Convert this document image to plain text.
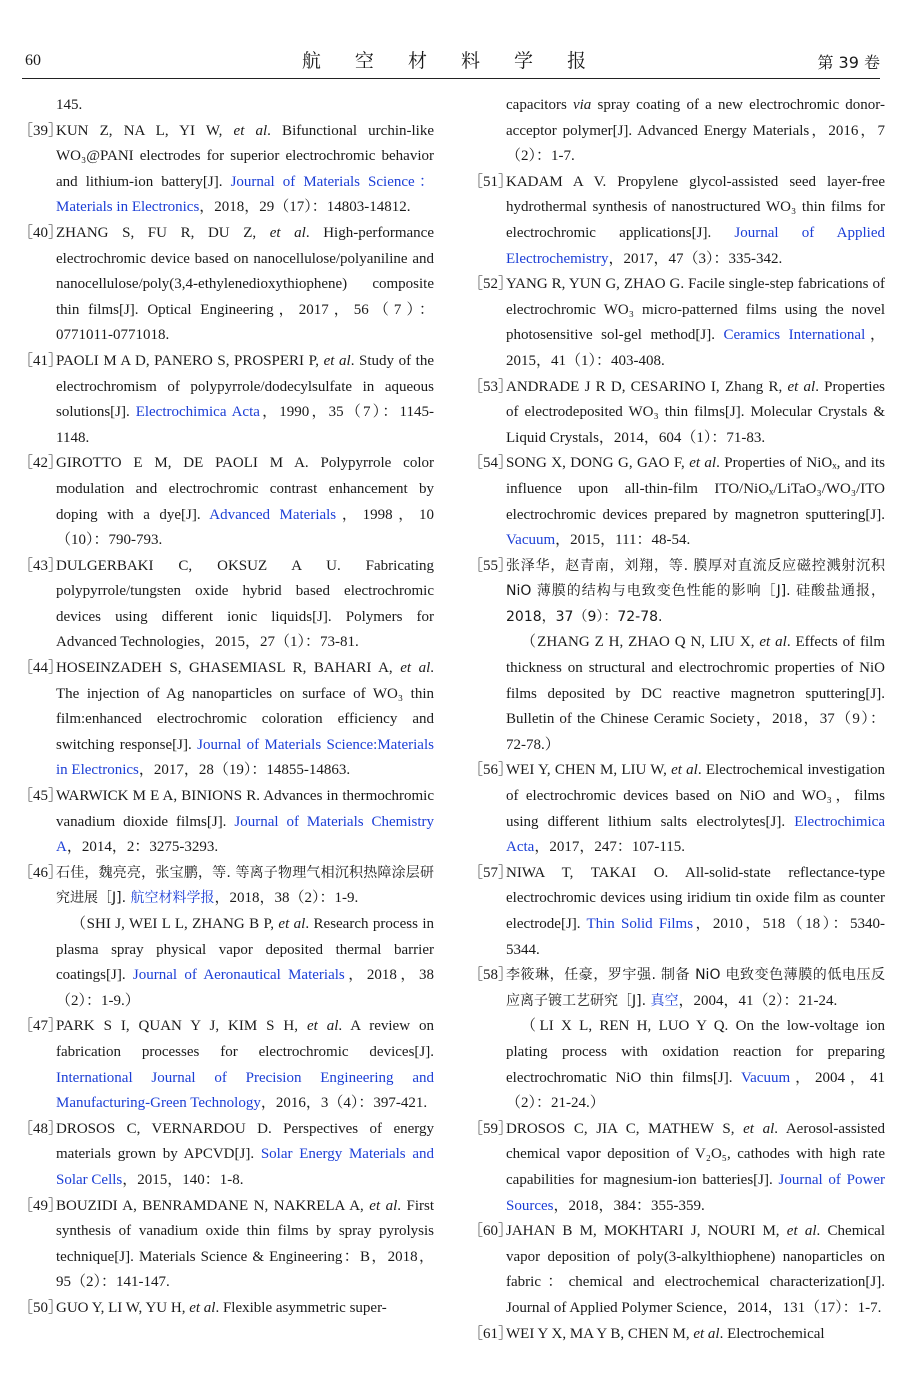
60	航 空 材 料 学 报	第 39 卷
145.
［39］
KUN Z, NA L, YI W, et al. Bifunctional urchin-like WO₃@PANI electrodes for superior electrochromic behavior and lithium-ion battery[J]. Journal of Materials Science：Materials in Electronics，2018，29（17）：14803-14812.
［40］
ZHANG S, FU R, DU Z, et al. High-performance electrochromic device based on nanocellulose/polyaniline and nanocellulose/poly(3,4-ethylenedioxythiophene) composite thin films[J]. Optical Engineering，2017，56（7）：0771011-0771018.
［41］
PAOLI M A D, PANERO S, PROSPERI P, et al. Study of the electrochromism of polypyrrole/dodecylsulfate in aqueous solutions[J]. Electrochimica Acta，1990，35（7）：1145-1148.
［42］
GIROTTO E M, DE PAOLI M A. Polypyrrole color modulation and electrochromic contrast enhancement by doping with a dye[J]. Advanced Materials，1998，10（10）：790-793.
［43］
DULGERBAKI C, OKSUZ A U. Fabricating polypyrrole/tungsten oxide hybrid based electrochromic devices using different ionic liquids[J]. Polymers for Advanced Technologies，2015，27（1）：73-81.
［44］
HOSEINZADEH S, GHASEMIASL R, BAHARI A, et al. The injection of Ag nanoparticles on surface of WO₃ thin film:enhanced electrochromic coloration efficiency and switching response[J]. Journal of Materials Science:Materials in Electronics，2017，28（19）：14855-14863.
［45］
WARWICK M E A, BINIONS R. Advances in thermochromic vanadium dioxide films[J]. Journal of Materials Chemistry A，2014，2：3275-3293.
［46］
石佳，魏亮亮，张宝鹏，等. 等离子物理气相沉积热障涂层研究进展［J]. 航空材料学报，2018，38（2）：1-9.
（SHI J, WEI L L, ZHANG B P, et al. Research process in plasma spray physical vapor deposited thermal barrier coatings[J]. Journal of Aeronautical Materials，2018，38（2）：1-9.）
［47］
PARK S I, QUAN Y J, KIM S H, et al. A review on fabrication processes for electrochromic devices[J]. International Journal of Precision Engineering and Manufacturing-Green Technology，2016，3（4）：397-421.
［48］
DROSOS C, VERNARDOU D. Perspectives of energy materials grown by APCVD[J]. Solar Energy Materials and Solar Cells，2015，140：1-8.
［49］
BOUZIDI A, BENRAMDANE N, NAKRELA A, et al. First synthesis of vanadium oxide thin films by spray pyrolysis technique[J]. Materials Science & Engineering：B，2018，95（2）：141-147.
［50］
GUO Y, LI W, YU H, et al. Flexible asymmetric super-
capacitors via spray coating of a new electrochromic donor-acceptor polymer[J]. Advanced Energy Materials，2016，7（2）：1-7.
［51］
KADAM A V. Propylene glycol-assisted seed layer-free hydrothermal synthesis of nanostructured WO₃ thin films for electrochromic applications[J]. Journal of Applied Electrochemistry，2017，47（3）：335-342.
［52］
YANG R, YUN G, ZHAO G. Facile single-step fabrications of electrochromic WO₃ micro-patterned films using the novel photosensitive sol-gel method[J]. Ceramics International，2015，41（1）：403-408.
［53］
ANDRADE J R D, CESARINO I, Zhang R, et al. Properties of electrodeposited WO₃ thin films[J]. Molecular Crystals & Liquid Crystals，2014，604（1）：71-83.
［54］
SONG X, DONG G, GAO F, et al. Properties of NiOₓ, and its influence upon all-thin-film ITO/NiOₓ/LiTaO₃/WO₃/ITO electrochromic devices prepared by magnetron sputtering[J]. Vacuum，2015，111：48-54.
［55］
张泽华，赵青南，刘翔，等. 膜厚对直流反应磁控溅射沉积 NiO 薄膜的结构与电致变色性能的影响［J]. 硅酸盐通报，2018，37（9）：72-78.
（ZHANG Z H, ZHAO Q N, LIU X, et al. Effects of film thickness on structural and electrochromic properties of NiO films deposited by DC reactive magnetron sputtering[J]. Bulletin of the Chinese Ceramic Society，2018，37（9）：72-78.）
［56］
WEI Y, CHEN M, LIU W, et al. Electrochemical investigation of electrochromic devices based on NiO and WO₃，films using different lithium salts electrolytes[J]. Electrochimica Acta，2017，247：107-115.
［57］
NIWA T, TAKAI O. All-solid-state reflectance-type electrochromic devices using iridium tin oxide film as counter electrode[J]. Thin Solid Films，2010，518（18）：5340-5344.
［58］
李筱琳，任豪，罗宇强. 制备 NiO 电致变色薄膜的低电压反应离子镀工艺研究［J]. 真空，2004，41（2）：21-24.
（LI X L, REN H, LUO Y Q. On the low-voltage ion plating process with oxidation reaction for preparing electrochromatic NiO thin films[J]. Vacuum，2004，41（2）：21-24.）
［59］
DROSOS C, JIA C, MATHEW S, et al. Aerosol-assisted chemical vapor deposition of V₂O₅, cathodes with high rate capabilities for magnesium-ion batteries[J]. Journal of Power Sources，2018，384：355-359.
［60］
JAHAN B M, MOKHTARI J, NOURI M, et al. Chemical vapor deposition of poly(3-alkylthiophene) nanoparticles on fabric：chemical and electrochemical characterization[J]. Journal of Applied Polymer Science，2014，131（17）：1-7.
［61］
WEI Y X, MA Y B, CHEN M, et al. Electrochemical
